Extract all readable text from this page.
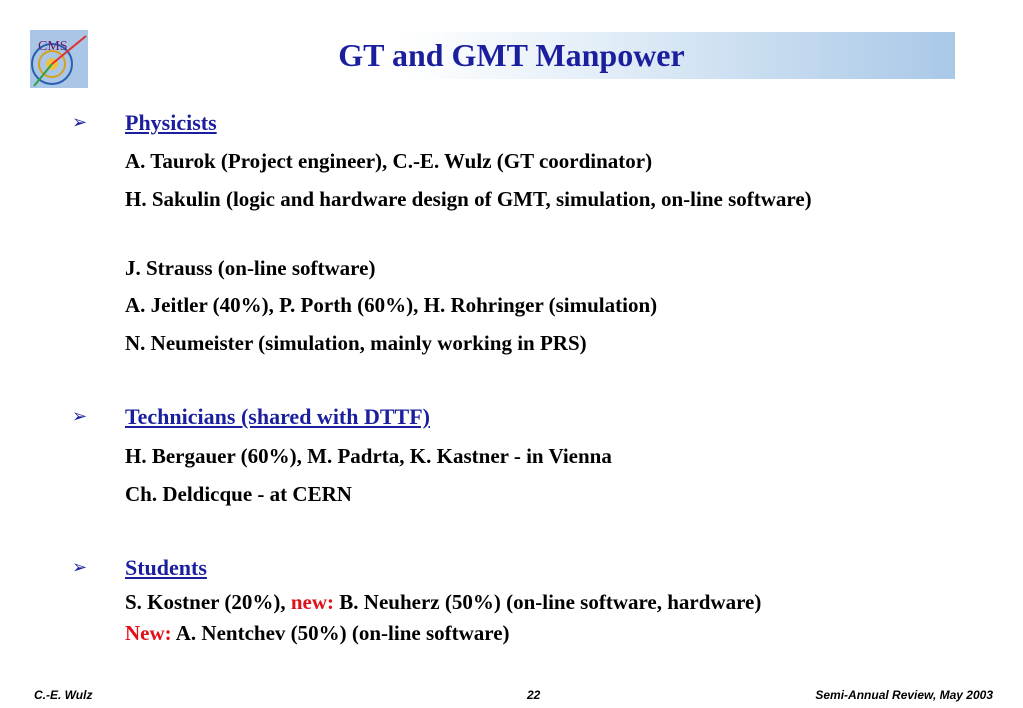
CMS	GT and GMT Manpower
➢ Physicists
A. Taurok (Project engineer), C.-E. Wulz (GT coordinator)
H. Sakulin (logic and hardware design of GMT, simulation, on-line software)
J. Strauss (on-line software)
A. Jeitler (40%), P. Porth (60%), H. Rohringer (simulation)
N. Neumeister (simulation, mainly working in PRS)
➢ Technicians (shared with DTTF)
H. Bergauer (60%), M. Padrta, K. Kastner - in Vienna
Ch. Deldicque - at CERN
➢ Students
S. Kostner (20%), new: B. Neuherz (50%) (on-line software, hardware)
New: A. Nentchev (50%) (on-line software)
C.-E. Wulz	22	Semi-Annual Review, May 2003
